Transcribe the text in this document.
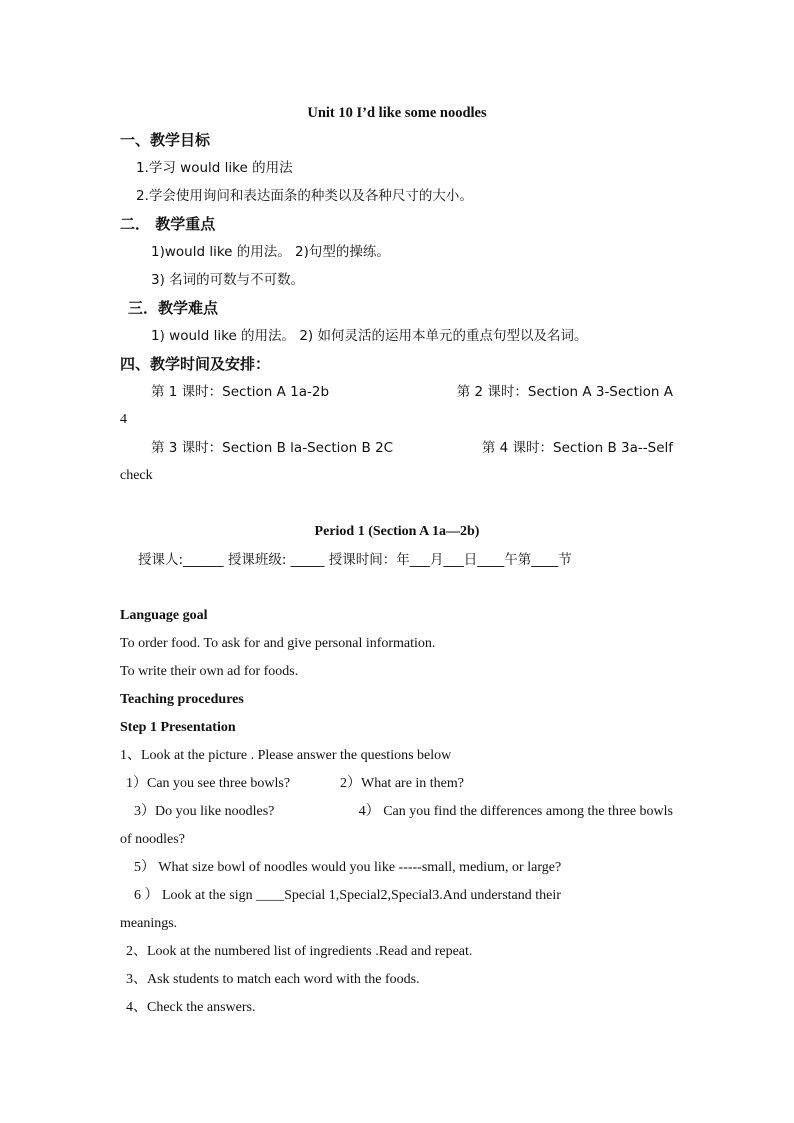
Unit 10 I’d like some noodles
一、教学目标
1.学习 would like 的用法
2.学会使用询问和表达面条的种类以及各种尺寸的大小。
二． 教学重点
1)would like 的用法。 2)句型的操练。
3) 名词的可数与不可数。
三．教学难点
1) would like 的用法。 2) 如何灵活的运用本单元的重点句型以及名词。
四、教学时间及安排：
第 1 课时：Section A 1a-2b	第 2 课时：Section A 3-Section A
4
第 3 课时：Section B la-Section B 2C	第 4 课时：Section B 3a--Self
check
Period 1 (Section A 1a—2b)
授课人:______ 授课班级: _____ 授课时间：年___月___日____午第____节
Language goal
To order food. To ask for and give personal information.
To write their own ad for foods.
Teaching procedures
Step 1 Presentation
1、Look at the picture . Please answer the questions below
1）Can you see three bowls?	2）What are in them?
3）Do you like noodles?	4） Can you find the differences among the three bowls
of noodles?
5） What size bowl of noodles would you like -----small, medium, or large?
6 ） Look at the sign ____Special 1,Special2,Special3.And understand their
meanings.
2、Look at the numbered list of ingredients .Read and repeat.
3、Ask students to match each word with the foods.
4、Check the answers.
